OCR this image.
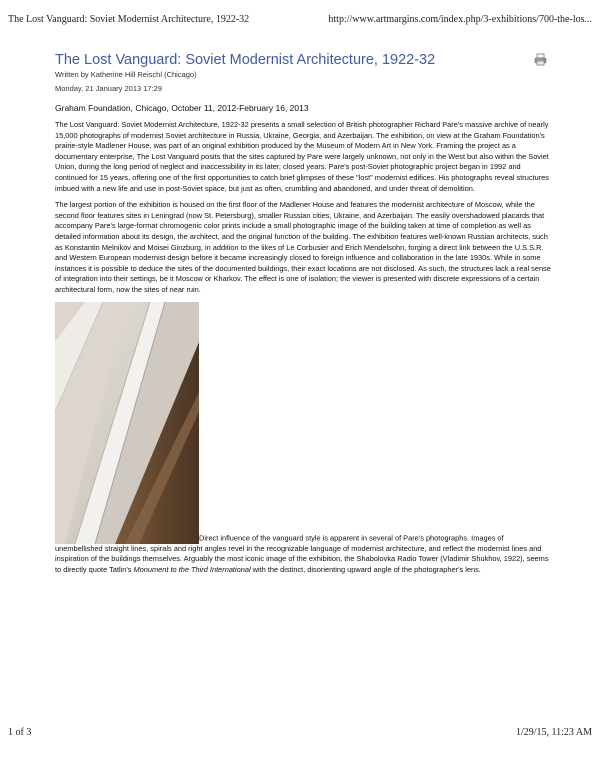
The Lost Vanguard: Soviet Modernist Architecture, 1922-32	http://www.artmargins.com/index.php/3-exhibitions/700-the-los...
The Lost Vanguard: Soviet Modernist Architecture, 1922-32
Written by Katherine Hill Reischl (Chicago)
Monday, 21 January 2013 17:29
Graham Foundation, Chicago, October 11, 2012-February 16, 2013

The Lost Vanguard: Soviet Modernist Architecture, 1922-32 presents a small selection of British photographer Richard Pare's massive archive of nearly 15,000 photographs of modernist Soviet architecture in Russia, Ukraine, Georgia, and Azerbaijan. The exhibition, on view at the Graham Foundation's prairie-style Madlener House, was part of an original exhibition produced by the Museum of Modern Art in New York. Framing the project as a documentary enterprise, The Lost Vanguard posits that the sites captured by Pare were largely unknown, not only in the West but also within the Soviet Union, during the long period of neglect and inaccessibility in its later, closed years. Pare's post-Soviet photographic project began in 1992 and continued for 15 years, offering one of the first opportunities to catch brief glimpses of these "lost" modernist edifices. His photographs reveal structures imbued with a new life and use in post-Soviet space, but just as often, crumbling and abandoned, and under threat of demolition.

The largest portion of the exhibition is housed on the first floor of the Madlener House and features the modernist architecture of Moscow, while the second floor features sites in Leningrad (now St. Petersburg), smaller Russian cities, Ukraine, and Azerbaijan. The easily overshadowed placards that accompany Pare's large-format chromogenic color prints include a small photographic image of the building taken at time of completion as well as detailed information about its design, the architect, and the original function of the building. The exhibition features well-known Russian architects, such as Konstantin Melnikov and Moisei Ginzburg, in addition to the likes of Le Corbusier and Erich Mendelsohn, forging a direct link between the U.S.S.R. and Western European modernist design before it became increasingly closed to foreign influence and collaboration in the late 1930s. While in some instances it is possible to deduce the sites of the documented buildings, their exact locations are not disclosed. As such, the structures lack a real sense of integration into their settings, be it Moscow or Kharkov. The effect is one of isolation; the viewer is presented with discrete expressions of a certain architectural form, now the sites of near ruin.

Direct influence of the vanguard style is apparent in several of Pare's photographs. Images of unembellished straight lines, spirals and right angles revel in the recognizable language of modernist architecture, and reflect the modernist lines and inspiration of the buildings themselves. Arguably the most iconic image of the exhibition, the Shabolovka Radio Tower (Vladimir Shukhov, 1922), seems to directly quote Tatlin's Monument to the Third International with the distinct, disorienting upward angle of the photographer's lens.
1 of 3	1/29/15, 11:23 AM
